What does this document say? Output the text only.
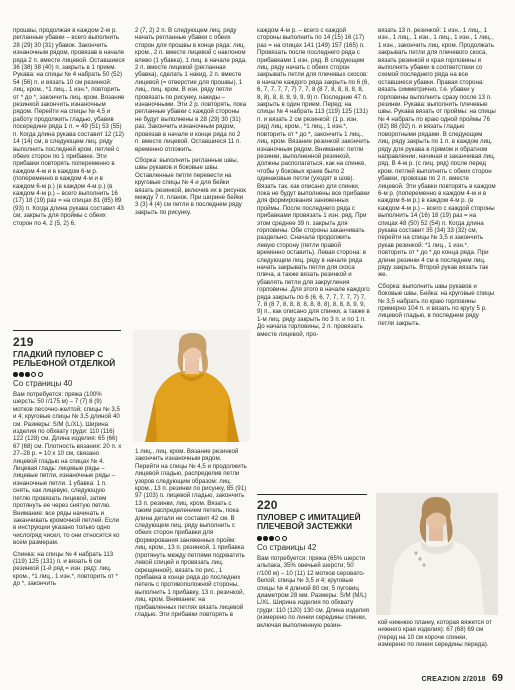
прошвы, продолжая в каждом 2-м р. регланные убавки – всего выполнить 28 (29) 30 (31) убавок. Закончить изнаночным рядом, провязав в начале ряда 2 п. вместе лицевой. Оставшиеся 36 (38) 38 (40) п. закрыть в 1 прием. Рукава: на спицы № 4 набрать 50 (52) 54 (56) п. и вязать 10 см резинкой: лиц. кром., *1 лиц., 1 изн.*, повторить от * до *, закончить лиц. кром. Вязание резинкой закончить изнаночным рядом. Перейти на спицы № 4,5 и работу продолжить гладью, убавив посередине ряда 1 п. = 49 (51) 53 (55) п. Когда длина рукава составит 12 (12) 14 (14) см, в следующем лиц. ряду выполнить последней кром. петлей с обеих сторон по 1 прибавке. Эти прибавки повторять попеременно в каждом 4-м и в каждом 6-м р. (попеременно в каждом 4-м и в каждом 6-м р.) (в каждом 4-м р.) (в каждом 4-м р.) – всего выполнить 16 (17) 18 (19) раз = на спицах 81 (85) 89 (93) п. Когда длина рукава составит 43 см, закрыть для проймы с обеих сторон по 4, 2 (5, 2) 6,

2 (7, 2) 2 п. В следующем лиц. ряду начать регланные убавки с обеих сторон для прошвы в конце ряда: лиц. кром., 2 п. вместе лицевой с наклоном влево (1 убавка), 1 лиц. в начале ряда, 2 п. вместе лицевой (регланная убавка), сделать 1 накид, 2 п. вместе лицевой (= отверстие для прошвы), 1 лиц., лиц. кром. В изн. ряду петли провязать по рисунку, накиды – изнаночными. Эти 2 р. повторять, пока регланные убавки с каждой стороны не будут выполнены в 28 (29) 30 (31) раз. Закончить изнаночным рядом, провязав в начале и конце ряда по 2 п. вместе лицевой. Оставшиеся 11 п. временно отложить.

Сборка: выполнить регланные швы, швы рукавов и боковые швы. Оставленные петли перевести на круговые спицы № 4 и для бейки вязать резинкой, включив их в рисунок между 7 п. планок. При ширине бейки 3 (3) 4 (4) см петли в последнем ряду закрыть по рисунку.

каждом 4-м р. – всего с каждой стороны выполнить по 14 (15) 16 (17) раз = на спицах 141 (149) 157 (165) п. Провязать после последнего ряда с прибавками 1 изн. ряд. В следующем лиц. ряду начать с обеих сторон закрывать петли для плечевых скосов: в начале каждого ряда закрыть по 6 (6, 6, 7, 7, 7, 7, 7) 7, 7, 8 (8 7, 8, 8, 8, 8, 8, 8, 8), 8, 8, 8, 9, 9, 9) п. Последние 47 п. закрыть в один прием. Перед: на спицы № 4 набрать 113 (119) 125 (131) п. и вязать 2 см резинкой: (1 р. изн. ряд) лиц. кром., *1 лиц., 1 изн.*, повторить от * до *, закончить 1 лиц., лиц. кром. Вязание резинкой закончить изнаночным рядом. Внимание: петли резинки, выполненной резинкой, должны располагаться, как на спинке, чтобы у боковых краев было 2 одинаковые петли (уходят в шов). Вязать так, как описано для спинки, пока не будут выполнены все прибавки для формирования заниженных проймы. После последнего ряда с прибавками провязать 1 изн. ряд. При этом среднее 39 п. закрыть для горловины. Обе стороны заканчивать раздельно. Сначала продолжить левую сторону (петли правой временно оставить). Левая сторона: в следующем лиц. ряду в начале ряда начать закрывать петли для скоса плеча, а также вязать резинкой и убавлять петли для закругления горловины. Для этого в начале каждого ряда закрыть по 6 (6, 6, 7, 7, 7, 7, 7) 7, 7, 8 (8 7, 8, 8, 8, 8, 8, 8, 8), 8, 8, 8, 9, 9, 9) п., как описано для спинки, а также в 1-м лиц. ряду закрыть по 3 п. и по 1 п. До начала горловины, 2 п. провязать вместе лицевой, про-

вязать 13 п. резинкой: 1 изн., 1 лиц., 1 изн., 1 лиц., 1 изн., 1 лиц., 1 изн., 1 лиц., 1 изн., закончить лиц. кром. Продолжать закрывать петли для плечевого скоса, вязать резинкой и края горловины и выполнять убавки в соответствии со схемой последнего ряда на все оставшиеся убавки. Правая сторона: вязать симметрично, т.е. убавки у горловины выполнить сразу после 13 п. резинки. Рукава: выполнить плечевые швы. Рукава вязать от проймы: на спицы № 4 набрать по краю одной проймы 76 (82) 88 (92) п. и вязать гладью поворотными рядами. В следующем лиц. ряду закрыть по 1 п. в каждом лиц. ряду для рукава в прямом и обратном направлении, начиная и заканчивая лиц. ряд. В 4-м р. (с лиц. ряд) после перед кром. петлей выполнить с обеих сторон убавки, провязав по 2 п. вместе лицевой. Эти убавки повторять в каждом 6-м р. (попеременно в каждом 4-м и в каждом 6-м р.) в каждом 4-м р. (в каждом 4-м р.) – всего с каждой стороны выполнить 14 (16) 18 (19) раз = на спицах 48 (50) 52 (54) п. Когда длина рукава составит 35 (34) 33 (32) см, перейти на спицы № 3,5 и закончить рукав резинкой: *1 лиц., 1 изн.*, повторить от * до * до конца ряда. При длине резинки 4 см в последнем лиц. ряду закрыть. Второй рукав вязать так же.

Сборка: выполнить швы рукавов и боковые швы. Бейка: на круговые спицы № 3,5 набрать по краю горловины примерно 104 п. и вязать по кругу 5 р. лицевой гладью, в последнем ряду петли закрыть.

219
ГЛАДКИЙ ПУЛОВЕР С РЕЛЬЕФНОЙ ОТДЕЛКОЙ
Со страницы 40

Вам потребуется: пряжа (100% шерсть; 50 г/175 м) – 7 (7) 8 (9) мотков песочно-желтой; спицы № 3,5 и 4; круговые спицы № 3,5 длиной 40 см. Размеры: S/M (L/XL). Ширина изделия по обхвату груди: 110 (116) 122 (128) см. Длина изделия: 65 (66) 67 (68) см. Плотность вязания: 20 п. x 27–28 р. = 10 x 10 см, связано лицевой гладью на спицах № 4. Лицевая гладь: лицевые ряды – лицевые петли, изнаночные ряды – изнаночные петли. 1 убавка: 1 п. снять, как лицевую, следующую петлю провязать лицевой, затем протянуть ее через снятую петлю. Внимание: все ряды начинать и заканчивать кромочной петлей. Если в инструкции указано только одно число/ряд чисел, то они относятся ко всем размерам.

Спинка: на спицы № 4 набрать 113 (119) 125 (131) п. и вязать 6 см резинкой (1-й ряд = изн. ряд): лиц. кром., *1 лиц., 1 изн.*, повторить от * до *, закончить

1 лиц., лиц. кром. Вязание резинкой закончить изнаночным рядом. Перейти на спицы № 4,5 и продолжить лицевой гладью, распределив петли узоров следующим образом: лиц. кром., 13 п. резинки по рисунку, 85 (91) 97 (103) п. лицевой гладью, закончить 13 п. резинки, лиц. кром. Вязать с таким распределением петель, пока длина детали не составит 42 см. В следующем лиц. ряду выполнить с обеих сторон прибавки для формирования заниженных пройм: лиц. кром., 13 п. резинкой, 1 прибавка (протянуть между петлями подхватить левой спицей и провязать лиц. скрещенной), вязать по рис., 1 прибавка в конце ряда до последних петель с противоположной стороны, выполнить 1 прибавку, 13 п. резинкой, лиц. кром. Внимание: на прибавленных петлях вязать лицевой гладью. Эти прибавки повторять в

220
ПУЛОВЕР С ИМИТАЦИЕЙ ПЛЕЧЕВОЙ ЗАСТЕЖКИ
Со страницы 42

Вам потребуется: пряжа (65% шерсти альпака, 35% овечьей шерсти; 50 г/100 м) – 10 (11) 12 мотков серовато-белой; спицы № 3,5 и 4; круговые спицы № 4 длиной 80 см; 5 пуговиц диаметром 28 мм. Размеры: S/M (M/L) L/XL. Ширина изделия по обхвату груди: 110 (120) 130 см. Длина изделия (измерено по линии середины спинки, включая выполненную резин-	кой нижнюю планку, которая вяжется от нижнего края изделия): 67 (68) 69 см (перед на 10 см короче спинки, измерено по линии середины переда).

CREAZION 2/2018 69
